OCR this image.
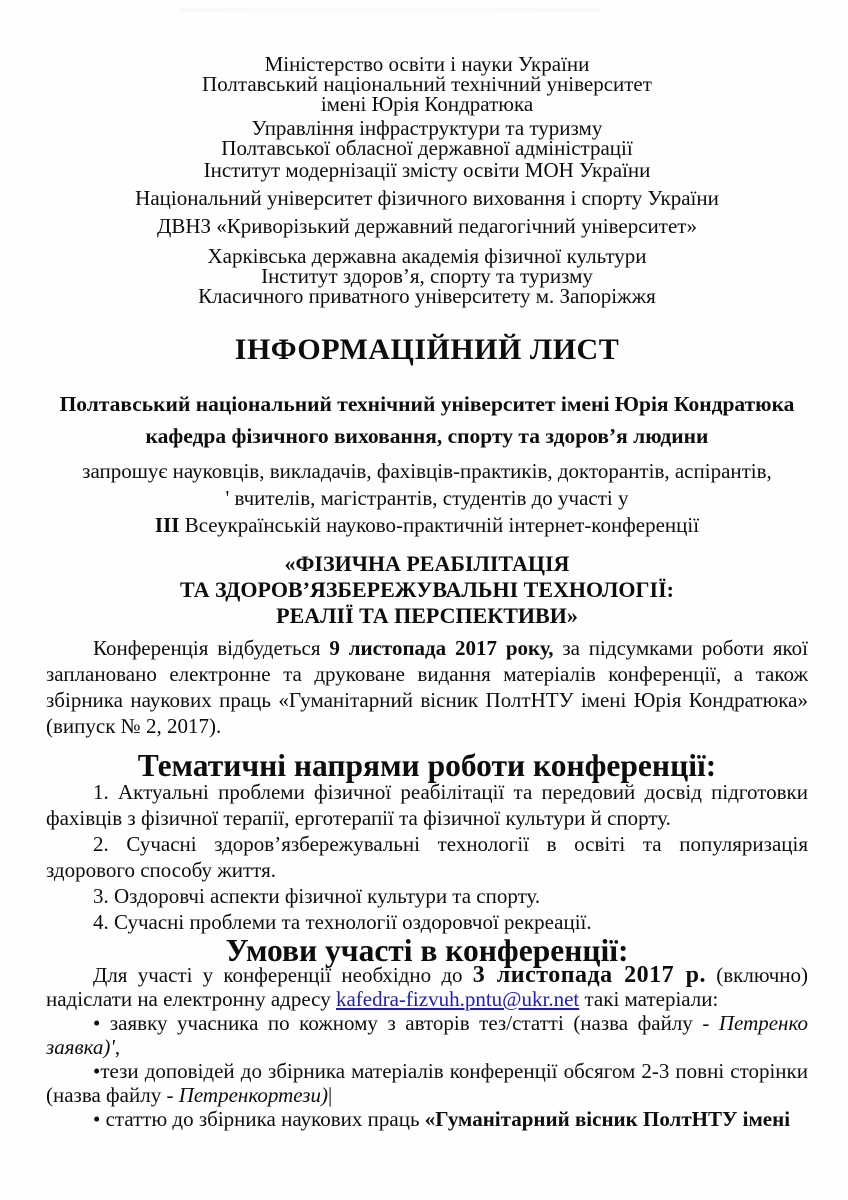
Міністерство освіти і науки України
Полтавський національний технічний університет
імені Юрія Кондратюка
Управління інфраструктури та туризму
Полтавської обласної державної адміністрації
Інститут модернізації змісту освіти МОН України
Національний університет фізичного виховання і спорту України
ДВНЗ «Криворізький державний педагогічний університет»
Харківська державна академія фізичної культури
Інститут здоров’я, спорту та туризму
Класичного приватного університету м. Запоріжжя
ІНФОРМАЦІЙНИЙ ЛИСТ
Полтавський національний технічний університет імені Юрія Кондратюка
кафедра фізичного виховання, спорту та здоров’я людини
запрошує науковців, викладачів, фахівців-практиків, докторантів, аспірантів,
' вчителів, магістрантів, студентів до участі у
ІІІ Всеукраїнській науково-практичній інтернет-конференції
«ФІЗИЧНА РЕАБІЛІТАЦІЯ
ТА ЗДОРОВ’ЯЗБЕРЕЖУВАЛЬНІ ТЕХНОЛОГІЇ:
РЕАЛІЇ ТА ПЕРСПЕКТИВИ»

Конференція відбудеться 9 листопада 2017 року, за підсумками роботи якої заплановано електронне та друковане видання матеріалів конференції, а також збірника наукових праць «Гуманітарний вісник ПолтНТУ імені Юрія Кондратюка» (випуск № 2, 2017).

Тематичні напрями роботи конференції:

1. Актуальні проблеми фізичної реабілітації та передовий досвід підготовки фахівців з фізичної терапії, ерготерапії та фізичної культури й спорту.

2. Сучасні здоров’язбережувальні технології в освіті та популяризація здорового способу життя.

3. Оздоровчі аспекти фізичної культури та спорту.

4. Сучасні проблеми та технології оздоровчої рекреації.

Умови участі в конференції:

Для участі у конференції необхідно до 3 листопада 2017 р. (включно) надіслати на електронну адресу kafedra-fizvuh.pntu@ukr.net такі матеріали:

• заявку учасника по кожному з авторів тез/статті (назва файлу - Петренко заявка)',

•тези доповідей до збірника матеріалів конференції обсягом 2-3 повні сторінки (назва файлу - Петренкортези)|

• статтю до збірника наукових праць «Гуманітарний вісник ПолтНТУ імені
